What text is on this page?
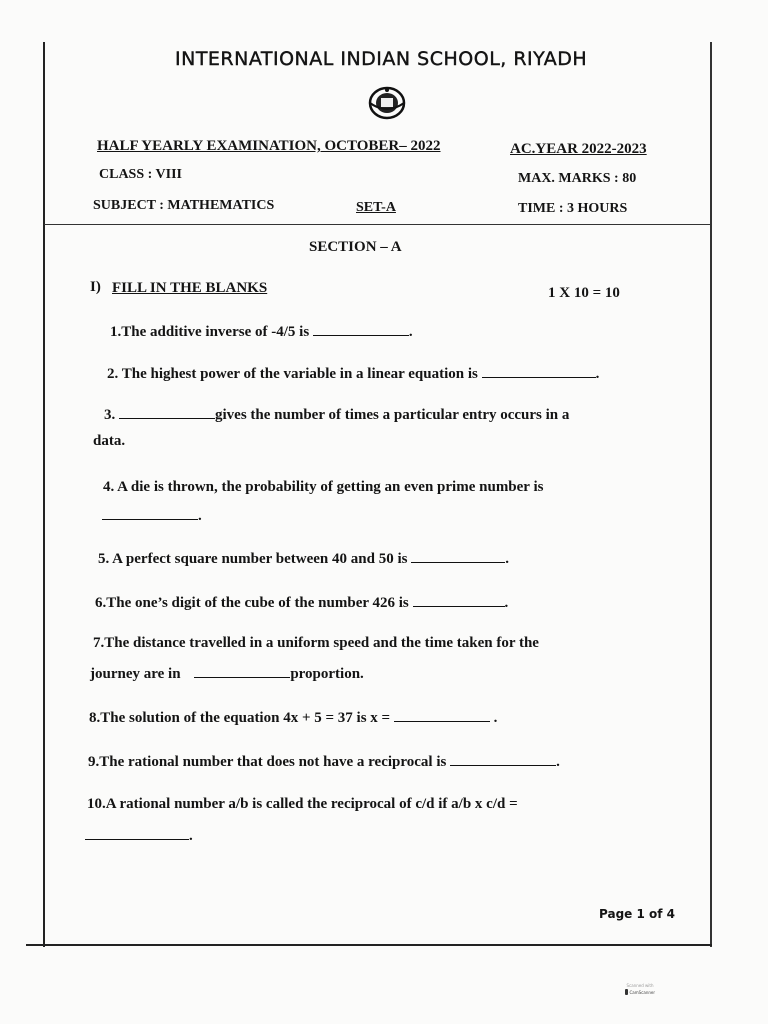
INTERNATIONAL INDIAN SCHOOL, RIYADH
HALF YEARLY EXAMINATION, OCTOBER– 2022	AC.YEAR 2022-2023
CLASS : VIII	MAX. MARKS : 80
SUBJECT : MATHEMATICS	SET-A	TIME : 3 HOURS
SECTION – A
I) FILL IN THE BLANKS	1 X 10 = 10
1.The additive inverse of -4/5 is	.
2. The highest power of the variable in a linear equation is	.
3.	gives the number of times a particular entry occurs in a
data.
4. A die is thrown, the probability of getting an even prime number is
.
5. A perfect square number between 40 and 50 is	.
6.The one’s digit of the cube of the number 426 is	.
7.The distance travelled in a uniform speed and the time taken for the
journey are in	proportion.
8.The solution of the equation 4x + 5 = 37 is x =	.
9.The rational number that does not have a reciprocal is	.
10.A rational number a/b is called the reciprocal of c/d if a/b x c/d =
.
Page 1 of 4
Scanned with
CamScanner
